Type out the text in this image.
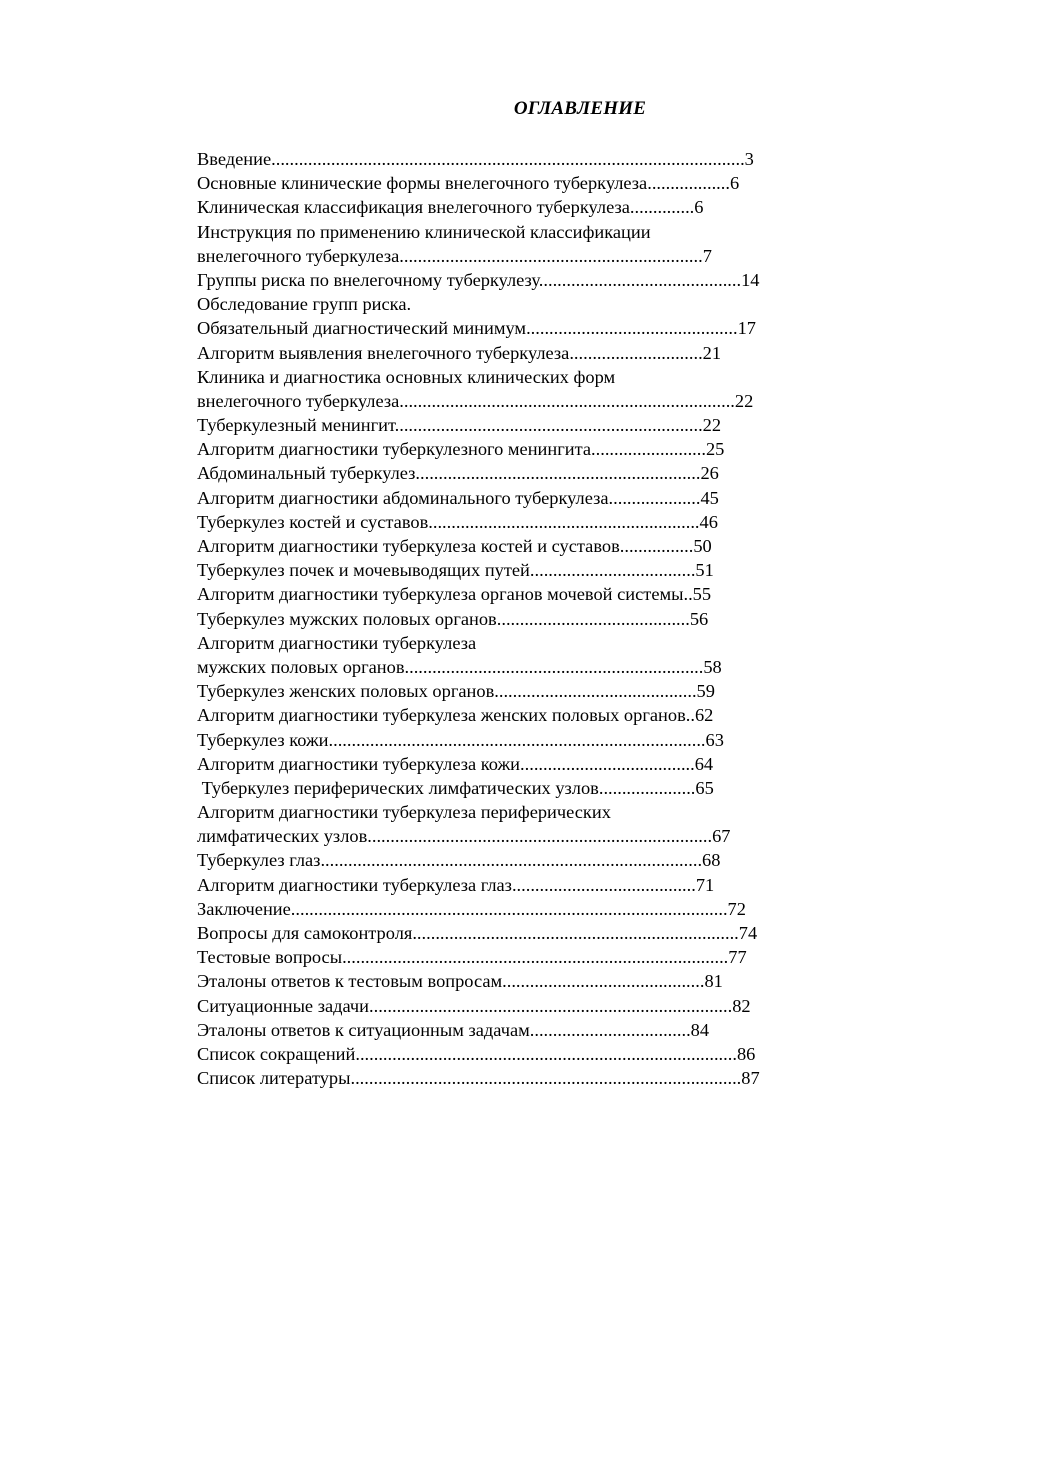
ОГЛАВЛЕНИЕ
Введение.......................................................................................................3
Основные клинические формы внелегочного туберкулеза..................6
Клиническая классификация внелегочного туберкулеза..............6
Инструкция по применению клинической классификации
внелегочного туберкулеза..................................................................7
Группы риска по внелегочному туберкулезу............................................14
Обследование групп риска.
Обязательный диагностический минимум..............................................17
Алгоритм выявления внелегочного туберкулеза.............................21
Клиника и диагностика основных клинических форм
внелегочного туберкулеза.........................................................................22
Туберкулезный менингит...................................................................22
Алгоритм диагностики туберкулезного менингита.........................25
Абдоминальный туберкулез..............................................................26
Алгоритм диагностики абдоминального туберкулеза....................45
Туберкулез костей и суставов...........................................................46
Алгоритм диагностики туберкулеза костей и суставов................50
Туберкулез почек и мочевыводящих путей....................................51
Алгоритм диагностики туберкулеза органов мочевой системы..55
Туберкулез мужских половых органов..........................................56
Алгоритм диагностики туберкулеза
мужских половых органов.................................................................58
Туберкулез женских половых органов............................................59
Алгоритм диагностики туберкулеза женских половых органов..62
Туберкулез кожи..................................................................................63
Алгоритм диагностики туберкулеза кожи......................................64
Туберкулез периферических лимфатических узлов.....................65
Алгоритм диагностики туберкулеза периферических
лимфатических узлов...........................................................................67
Туберкулез глаз...................................................................................68
Алгоритм диагностики туберкулеза глаз........................................71
Заключение...............................................................................................72
Вопросы для самоконтроля.......................................................................74
Тестовые вопросы....................................................................................77
Эталоны ответов к тестовым вопросам............................................81
Ситуационные задачи...............................................................................82
Эталоны ответов к ситуационным задачам...................................84
Список сокращений...................................................................................86
Список литературы.....................................................................................87
